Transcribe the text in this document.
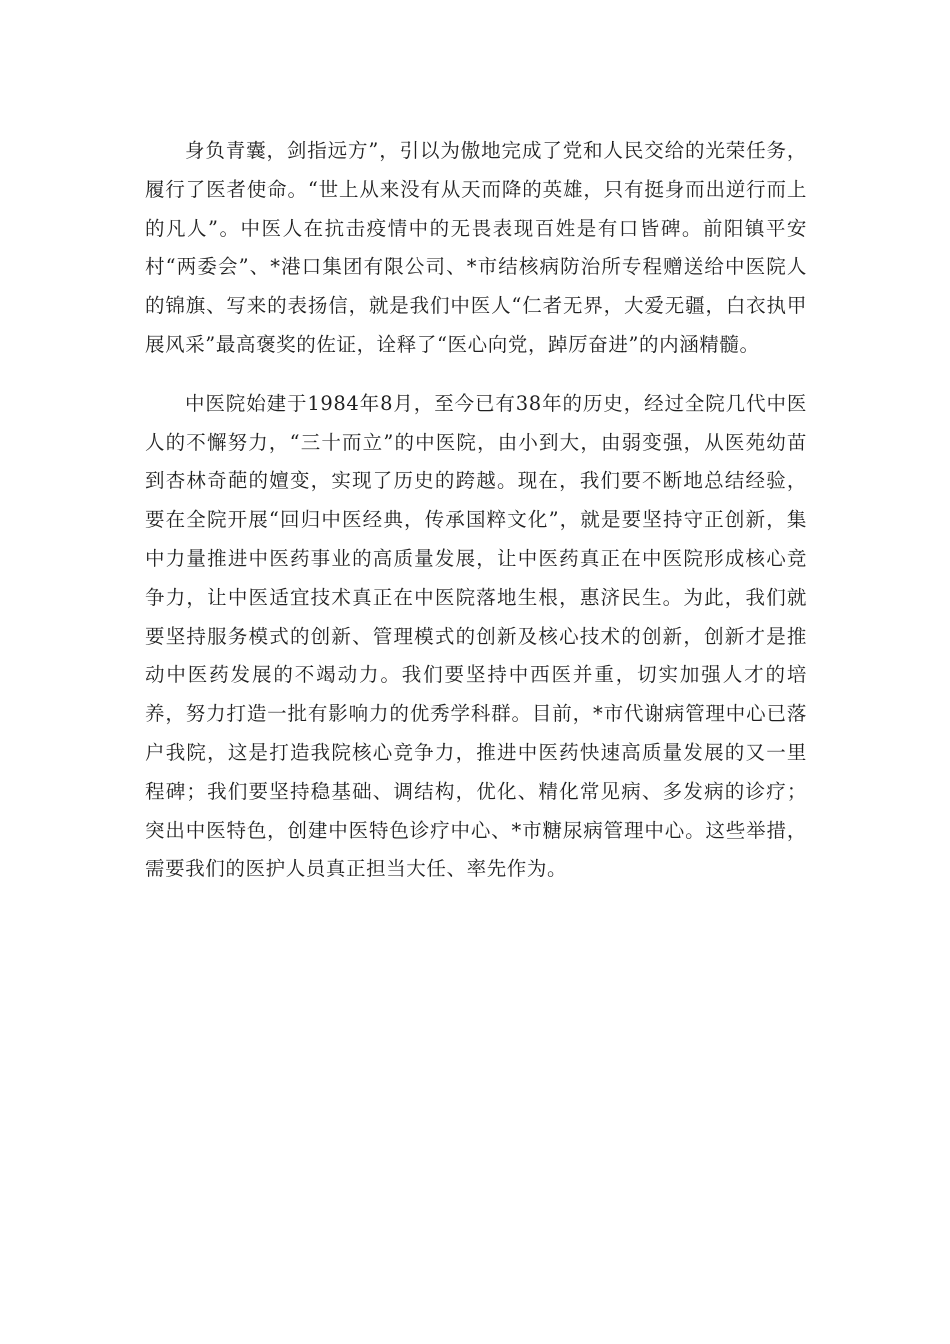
身负青囊，剑指远方”，引以为傲地完成了党和人民交给的光荣任务，履行了医者使命。“世上从来没有从天而降的英雄，只有挺身而出逆行而上的凡人”。中医人在抗击疫情中的无畏表现百姓是有口皆碑。前阳镇平安村“两委会”、*港口集团有限公司、*市结核病防治所专程赠送给中医院人的锦旗、写来的表扬信，就是我们中医人“仁者无界，大爱无疆，白衣执甲展风采”最高褒奖的佐证，诠释了“医心向党，踔厉奋进”的内涵精髓。

中医院始建于1984年8月，至今已有38年的历史，经过全院几代中医人的不懈努力，“三十而立”的中医院，由小到大，由弱变强，从医苑幼苗到杏林奇葩的嬗变，实现了历史的跨越。现在，我们要不断地总结经验，要在全院开展“回归中医经典，传承国粹文化”，就是要坚持守正创新，集中力量推进中医药事业的高质量发展，让中医药真正在中医院形成核心竞争力，让中医适宜技术真正在中医院落地生根，惠济民生。为此，我们就要坚持服务模式的创新、管理模式的创新及核心技术的创新，创新才是推动中医药发展的不竭动力。我们要坚持中西医并重，切实加强人才的培养，努力打造一批有影响力的优秀学科群。目前，*市代谢病管理中心已落户我院，这是打造我院核心竞争力，推进中医药快速高质量发展的又一里程碑；我们要坚持稳基础、调结构，优化、精化常见病、多发病的诊疗；突出中医特色，创建中医特色诊疗中心、*市糖尿病管理中心。这些举措，需要我们的医护人员真正担当大任、率先作为。
